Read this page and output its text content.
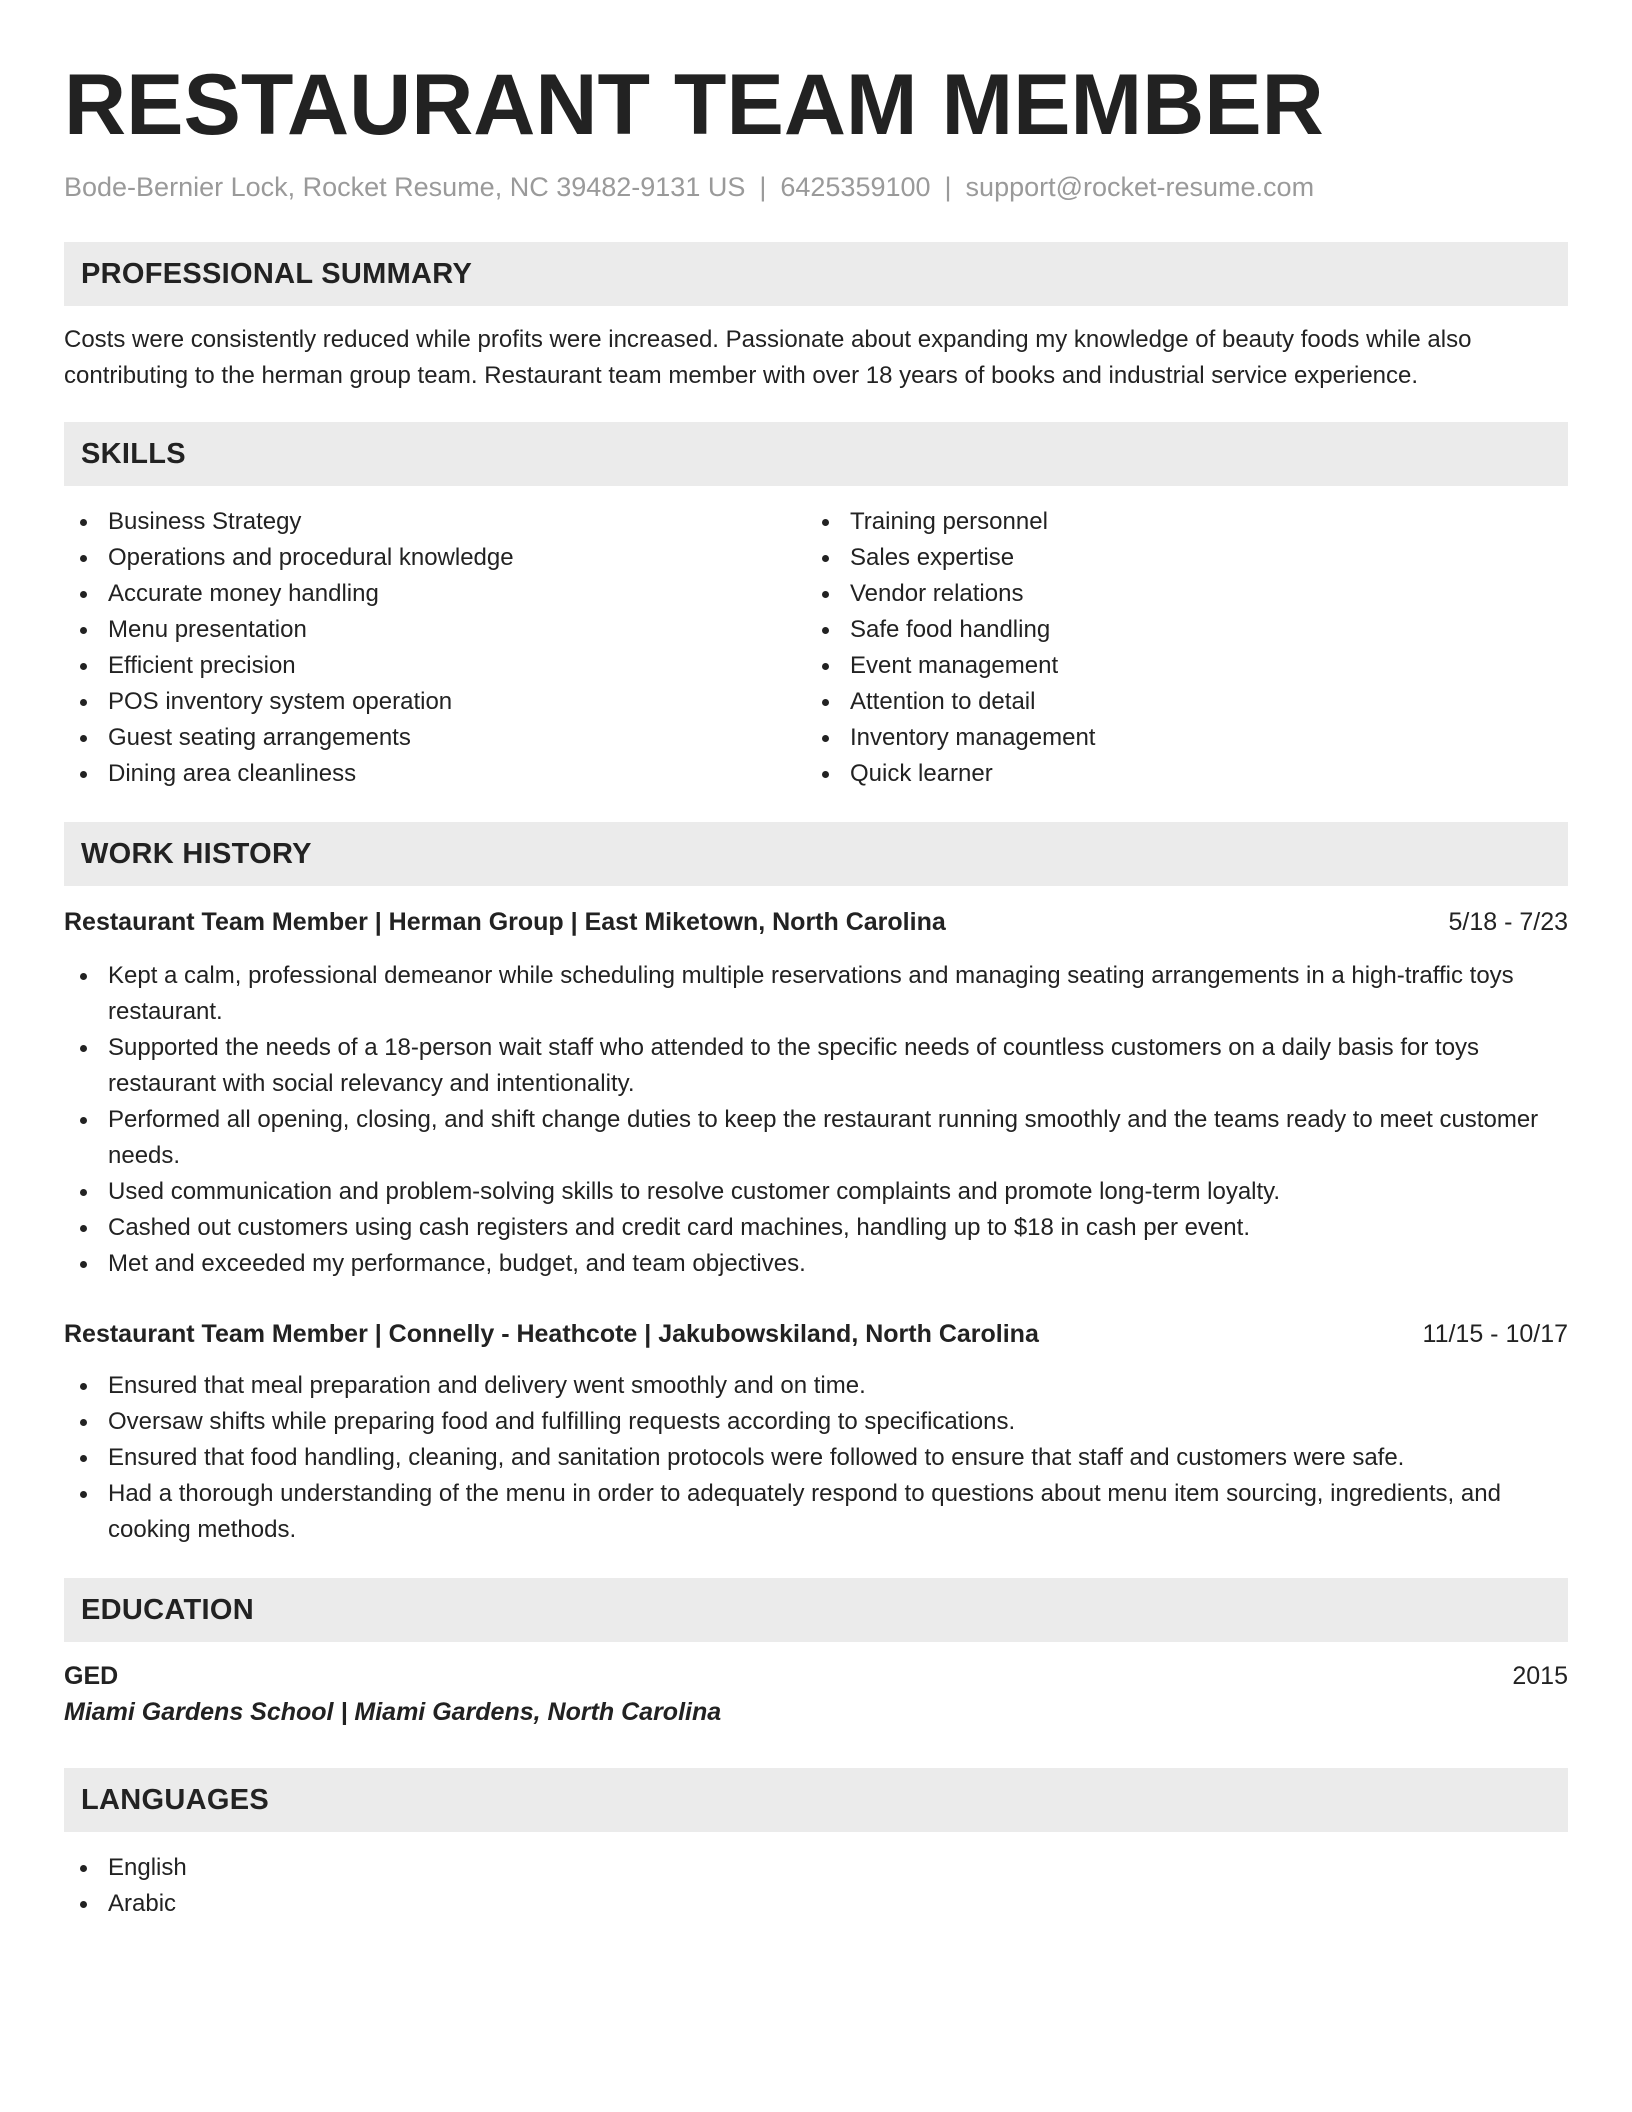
RESTAURANT TEAM MEMBER
Bode-Bernier Lock, Rocket Resume, NC 39482-9131 US | 6425359100 | support@rocket-resume.com
PROFESSIONAL SUMMARY
Costs were consistently reduced while profits were increased. Passionate about expanding my knowledge of beauty foods while also contributing to the herman group team. Restaurant team member with over 18 years of books and industrial service experience.
SKILLS
Business Strategy
Operations and procedural knowledge
Accurate money handling
Menu presentation
Efficient precision
POS inventory system operation
Guest seating arrangements
Dining area cleanliness
Training personnel
Sales expertise
Vendor relations
Safe food handling
Event management
Attention to detail
Inventory management
Quick learner
WORK HISTORY
Restaurant Team Member | Herman Group | East Miketown, North Carolina	5/18 - 7/23
Kept a calm, professional demeanor while scheduling multiple reservations and managing seating arrangements in a high-traffic toys restaurant.
Supported the needs of a 18-person wait staff who attended to the specific needs of countless customers on a daily basis for toys restaurant with social relevancy and intentionality.
Performed all opening, closing, and shift change duties to keep the restaurant running smoothly and the teams ready to meet customer needs.
Used communication and problem-solving skills to resolve customer complaints and promote long-term loyalty.
Cashed out customers using cash registers and credit card machines, handling up to $18 in cash per event.
Met and exceeded my performance, budget, and team objectives.
Restaurant Team Member | Connelly - Heathcote | Jakubowskiland, North Carolina	11/15 - 10/17
Ensured that meal preparation and delivery went smoothly and on time.
Oversaw shifts while preparing food and fulfilling requests according to specifications.
Ensured that food handling, cleaning, and sanitation protocols were followed to ensure that staff and customers were safe.
Had a thorough understanding of the menu in order to adequately respond to questions about menu item sourcing, ingredients, and cooking methods.
EDUCATION
GED	2015
Miami Gardens School | Miami Gardens, North Carolina
LANGUAGES
English
Arabic
